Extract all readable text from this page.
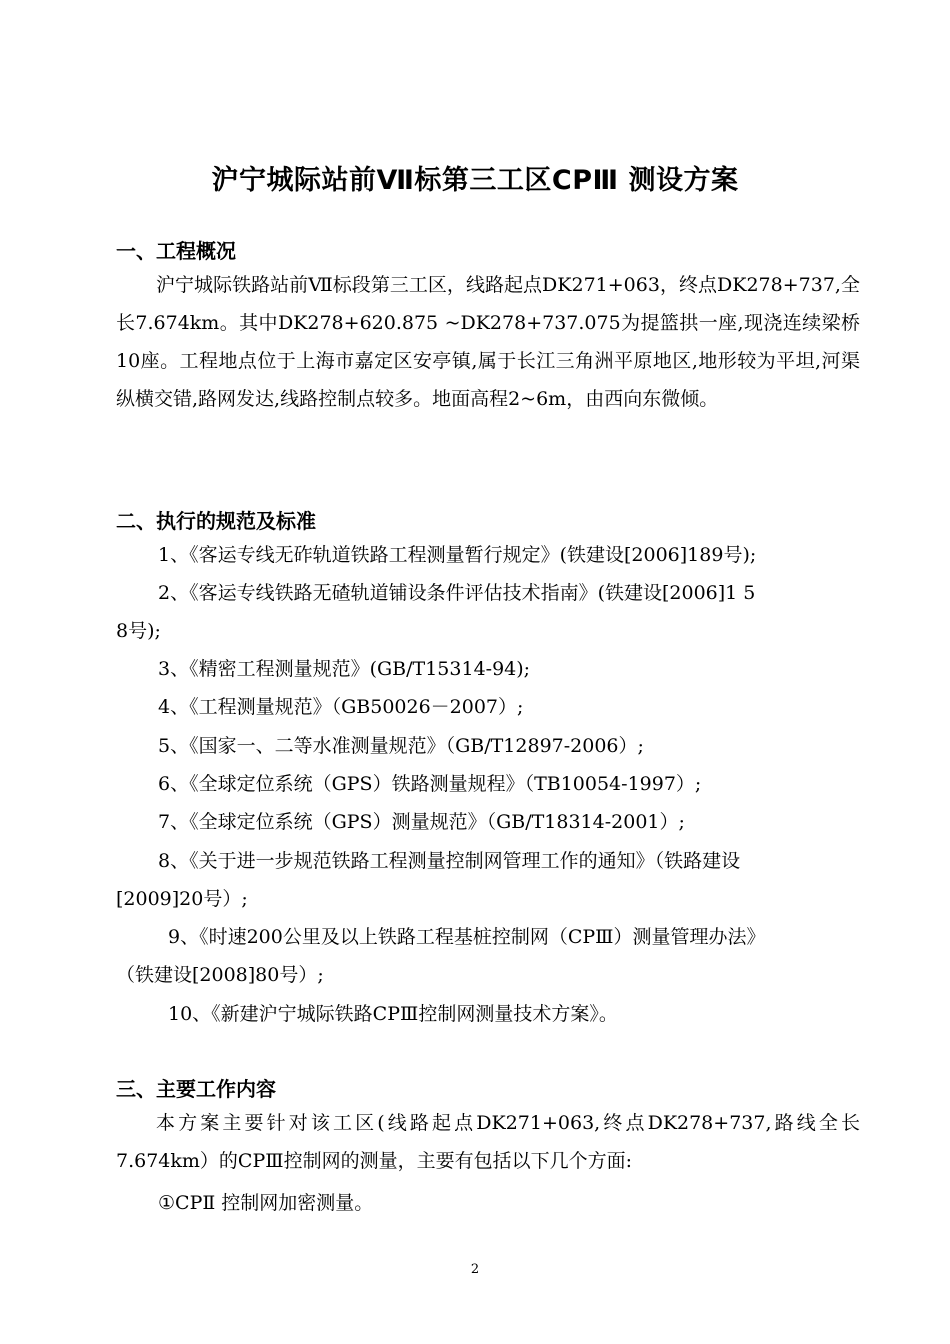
沪宁城际站前Ⅶ标第三工区CPⅢ 测设方案
一、工程概况

沪宁城际铁路站前Ⅶ标段第三工区，线路起点DK271+063，终点DK278+737,全长7.674km。其中DK278+620.875 ~DK278+737.075为提篮拱一座,现浇连续梁桥10座。工程地点位于上海市嘉定区安亭镇,属于长江三角洲平原地区,地形较为平坦,河渠纵横交错,路网发达,线路控制点较多。地面高程2~6m，由西向东微倾。

二、执行的规范及标准
1、《客运专线无砟轨道铁路工程测量暂行规定》(铁建设[2006]189号);
2、《客运专线铁路无碴轨道铺设条件评估技术指南》(铁建设[2006]1 5
8号);
3、《精密工程测量规范》(GB/T15314-94);
4、《工程测量规范》（GB50026－2007）;
5、《国家一、二等水准测量规范》（GB/T12897-2006）;
6、《全球定位系统（GPS）铁路测量规程》（TB10054-1997）;
7、《全球定位系统（GPS）测量规范》（GB/T18314-2001）;
8、《关于进一步规范铁路工程测量控制网管理工作的通知》（铁路建设
[2009]20号）;
9、《时速200公里及以上铁路工程基桩控制网（CPⅢ）测量管理办法》
（铁建设[2008]80号）;
10、《新建沪宁城际铁路CPⅢ控制网测量技术方案》。
三、主要工作内容

本方案主要针对该工区(线路起点DK271+063,终点DK278+737,路线全长7.674km）的CPⅢ控制网的测量，主要有包括以下几个方面:

①CPⅡ 控制网加密测量。
2
